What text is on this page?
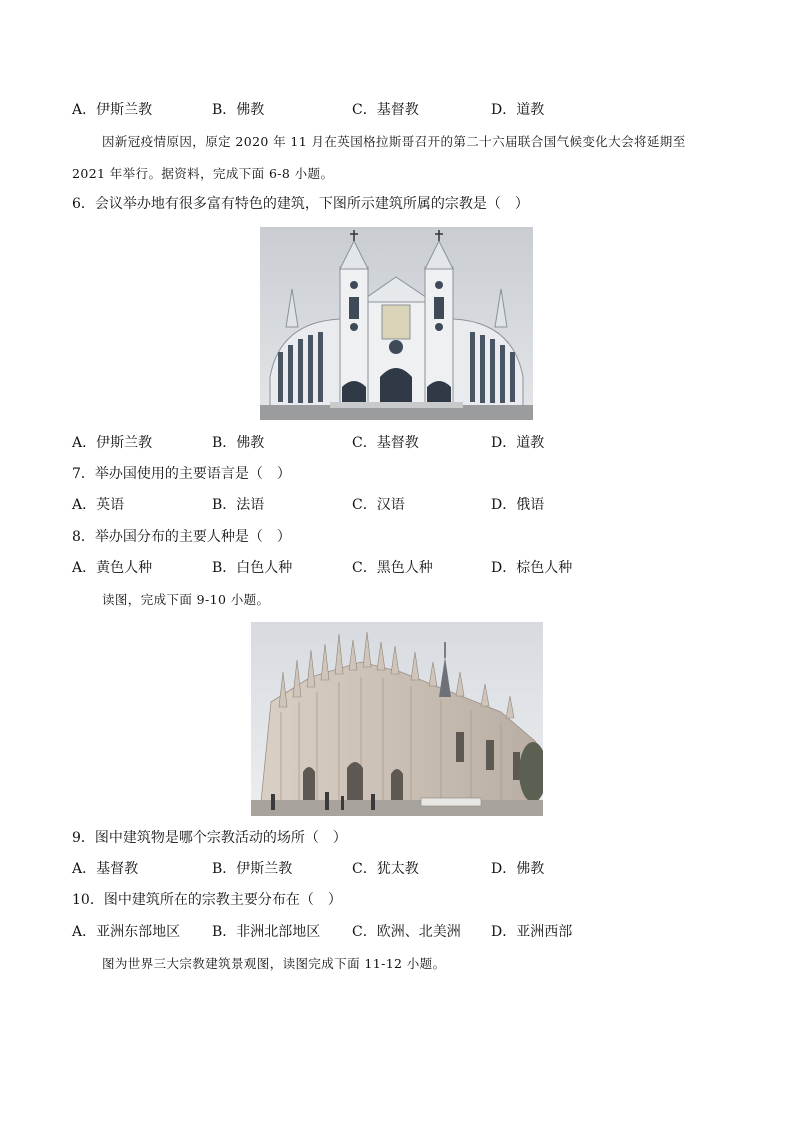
A．伊斯兰教	B．佛教	C．基督教	D．道教
因新冠疫情原因，原定 2020 年 11 月在英国格拉斯哥召开的第二十六届联合国气候变化大会将延期至
2021 年举行。据资料，完成下面 6-8 小题。
6．会议举办地有很多富有特色的建筑，下图所示建筑所属的宗教是（　）
A．伊斯兰教	B．佛教	C．基督教	D．道教
7．举办国使用的主要语言是（　）
A．英语	B．法语	C．汉语	D．俄语
8．举办国分布的主要人种是（　）
A．黄色人种	B．白色人种	C．黑色人种	D．棕色人种
读图，完成下面 9-10 小题。
9．图中建筑物是哪个宗教活动的场所（　）
A．基督教	B．伊斯兰教	C．犹太教	D．佛教
10．图中建筑所在的宗教主要分布在（　）
A．亚洲东部地区 B．非洲北部地区 C．欧洲、北美洲 D．亚洲西部
图为世界三大宗教建筑景观图，读图完成下面 11-12 小题。
